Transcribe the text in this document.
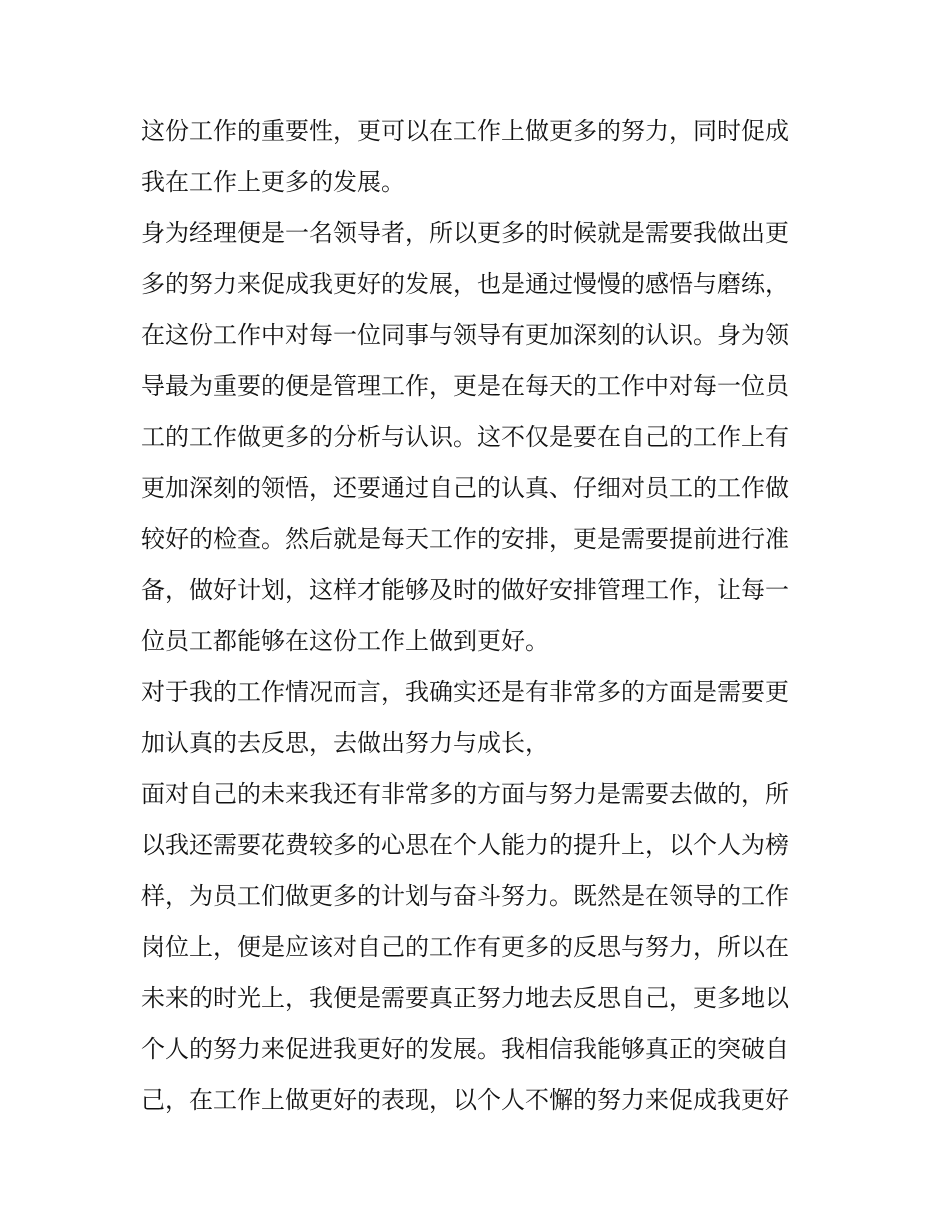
这份工作的重要性，更可以在工作上做更多的努力，同时促成
我在工作上更多的发展。
身为经理便是一名领导者，所以更多的时候就是需要我做出更
多的努力来促成我更好的发展，也是通过慢慢的感悟与磨练，
在这份工作中对每一位同事与领导有更加深刻的认识。身为领
导最为重要的便是管理工作，更是在每天的工作中对每一位员
工的工作做更多的分析与认识。这不仅是要在自己的工作上有
更加深刻的领悟，还要通过自己的认真、仔细对员工的工作做
较好的检查。然后就是每天工作的安排，更是需要提前进行准
备，做好计划，这样才能够及时的做好安排管理工作，让每一
位员工都能够在这份工作上做到更好。
对于我的工作情况而言，我确实还是有非常多的方面是需要更
加认真的去反思，去做出努力与成长，
面对自己的未来我还有非常多的方面与努力是需要去做的，所
以我还需要花费较多的心思在个人能力的提升上，以个人为榜
样，为员工们做更多的计划与奋斗努力。既然是在领导的工作
岗位上，便是应该对自己的工作有更多的反思与努力，所以在
未来的时光上，我便是需要真正努力地去反思自己，更多地以
个人的努力来促进我更好的发展。我相信我能够真正的突破自
己，在工作上做更好的表现，以个人不懈的努力来促成我更好
